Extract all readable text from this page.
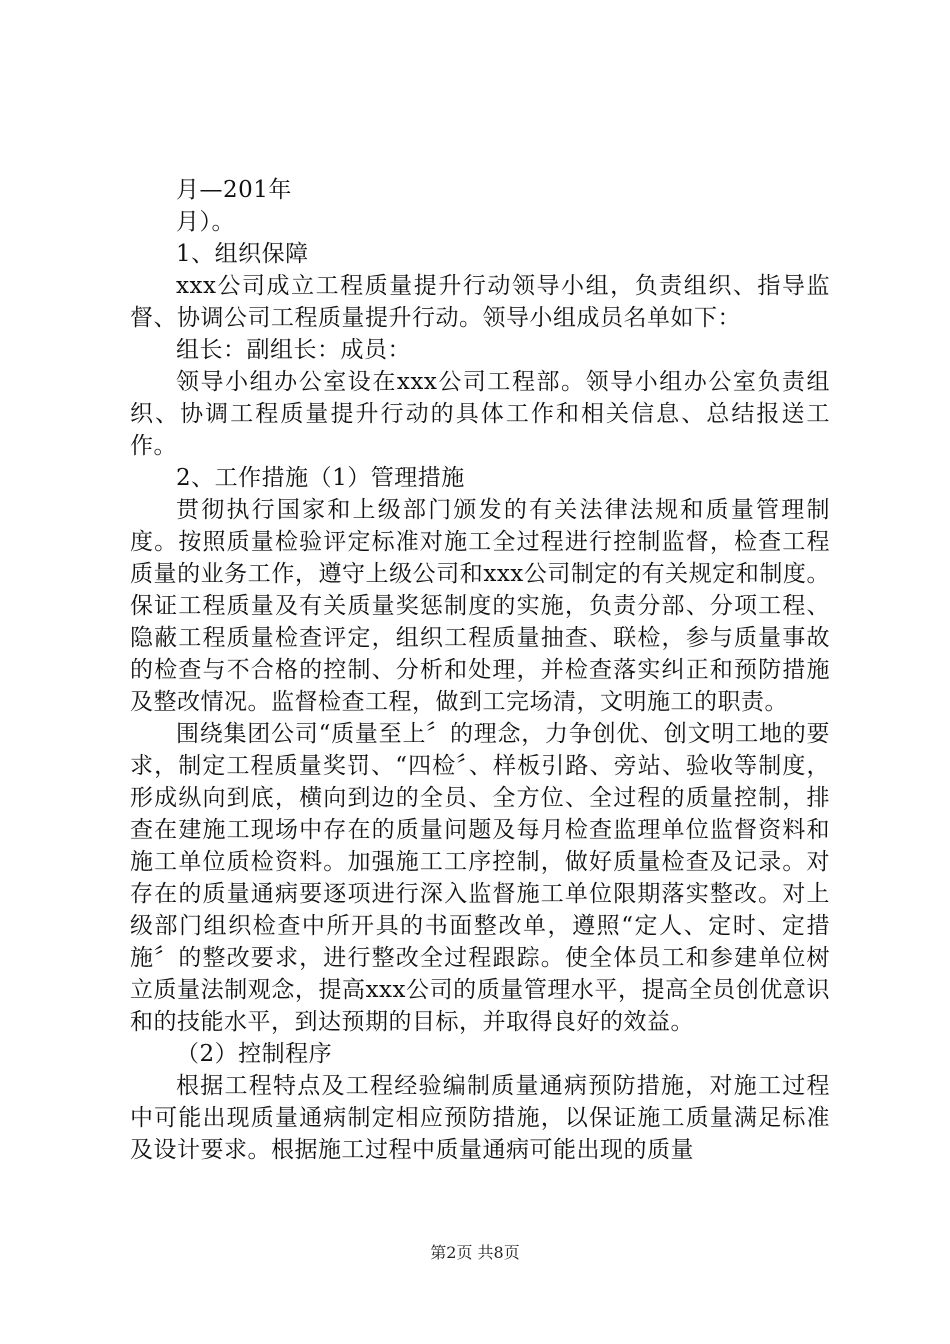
月—201年

月）。

1、组织保障

xxx公司成立工程质量提升行动领导小组，负责组织、指导监督、协调公司工程质量提升行动。领导小组成员名单如下：

组长：副组长：成员：

领导小组办公室设在xxx公司工程部。领导小组办公室负责组织、协调工程质量提升行动的具体工作和相关信息、总结报送工作。

2、工作措施（1）管理措施

贯彻执行国家和上级部门颁发的有关法律法规和质量管理制度。按照质量检验评定标准对施工全过程进行控制监督，检查工程质量的业务工作，遵守上级公司和xxx公司制定的有关规定和制度。保证工程质量及有关质量奖惩制度的实施，负责分部、分项工程、隐蔽工程质量检查评定，组织工程质量抽查、联检，参与质量事故的检查与不合格的控制、分析和处理，并检查落实纠正和预防措施及整改情况。监督检查工程，做到工完场清，文明施工的职责。

围绕集团公司“质量至上〞的理念，力争创优、创文明工地的要求，制定工程质量奖罚、“四检〞、样板引路、旁站、验收等制度，形成纵向到底，横向到边的全员、全方位、全过程的质量控制，排查在建施工现场中存在的质量问题及每月检查监理单位监督资料和施工单位质检资料。加强施工工序控制，做好质量检查及记录。对存在的质量通病要逐项进行深入监督施工单位限期落实整改。对上级部门组织检查中所开具的书面整改单，遵照“定人、定时、定措施〞的整改要求，进行整改全过程跟踪。使全体员工和参建单位树立质量法制观念，提高xxx公司的质量管理水平，提高全员创优意识和的技能水平，到达预期的目标，并取得良好的效益。

（2）控制程序

根据工程特点及工程经验编制质量通病预防措施，对施工过程中可能出现质量通病制定相应预防措施，以保证施工质量满足标准及设计要求。根据施工过程中质量通病可能出现的质量

第2页 共8页
